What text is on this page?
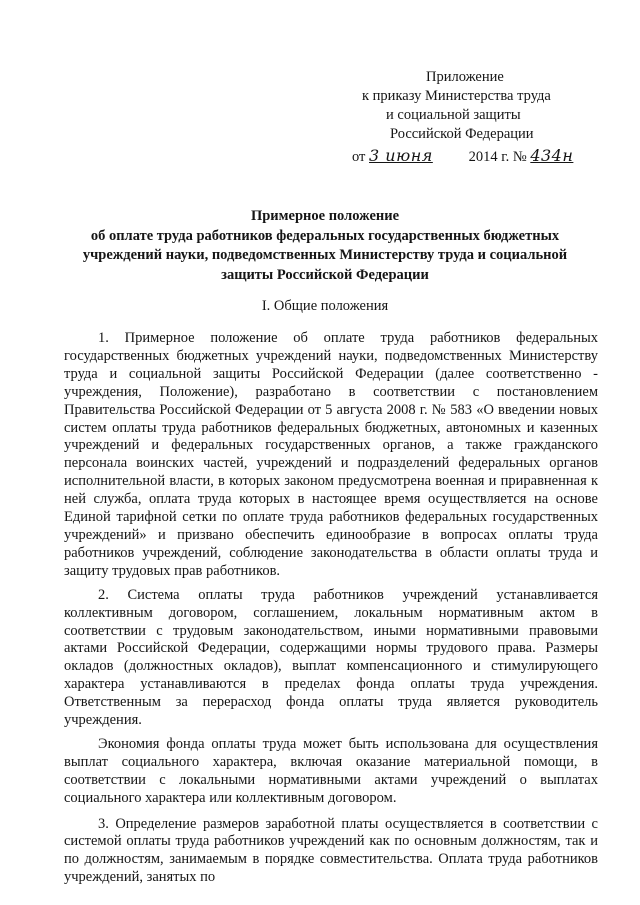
Приложение
к приказу Министерства труда
и социальной защиты
Российской Федерации
от 3 июня 2014 г. № 434н
Примерное положение
об оплате труда работников федеральных государственных бюджетных
учреждений науки, подведомственных Министерству труда и социальной
защиты Российской Федерации
I. Общие положения

1. Примерное положение об оплате труда работников федеральных государственных бюджетных учреждений науки, подведомственных Министерству труда и социальной защиты Российской Федерации (далее соответственно - учреждения, Положение), разработано в соответствии с постановлением Правительства Российской Федерации от 5 августа 2008 г. № 583 «О введении новых систем оплаты труда работников федеральных бюджетных, автономных и казенных учреждений и федеральных государственных органов, а также гражданского персонала воинских частей, учреждений и подразделений федеральных органов исполнительной власти, в которых законом предусмотрена военная и приравненная к ней служба, оплата труда которых в настоящее время осуществляется на основе Единой тарифной сетки по оплате труда работников федеральных государственных учреждений» и призвано обеспечить единообразие в вопросах оплаты труда работников учреждений, соблюдение законодательства в области оплаты труда и защиту трудовых прав работников.

2. Система оплаты труда работников учреждений устанавливается коллективным договором, соглашением, локальным нормативным актом в соответствии с трудовым законодательством, иными нормативными правовыми актами Российской Федерации, содержащими нормы трудового права. Размеры окладов (должностных окладов), выплат компенсационного и стимулирующего характера устанавливаются в пределах фонда оплаты труда учреждения. Ответственным за перерасход фонда оплаты труда является руководитель учреждения.

Экономия фонда оплаты труда может быть использована для осуществления выплат социального характера, включая оказание материальной помощи, в соответствии с локальными нормативными актами учреждений о выплатах социального характера или коллективным договором.

3. Определение размеров заработной платы осуществляется в соответствии с системой оплаты труда работников учреждений как по основным должностям, так и по должностям, занимаемым в порядке совместительства. Оплата труда работников учреждений, занятых по
